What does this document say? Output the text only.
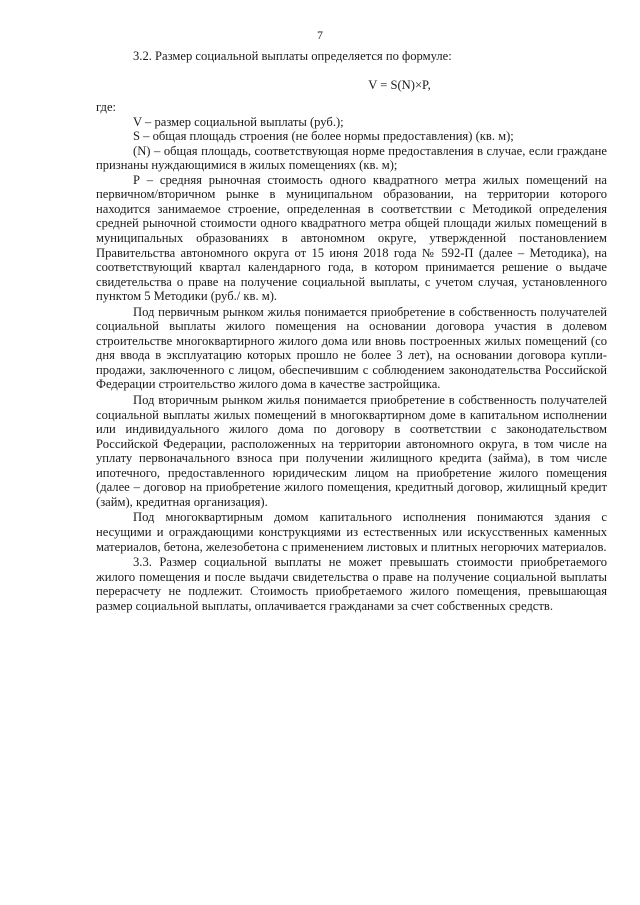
7

3.2. Размер социальной выплаты определяется по формуле:

V = S(N)×P,

где:

V – размер социальной выплаты (руб.);

S – общая площадь строения (не более нормы предоставления) (кв. м);

(N) – общая площадь, соответствующая норме предоставления в случае, если граждане признаны нуждающимися в жилых помещениях (кв. м);

Р – средняя рыночная стоимость одного квадратного метра жилых помещений на первичном/вторичном рынке в муниципальном образовании, на территории которого находится занимаемое строение, определенная в соответствии с Методикой определения средней рыночной стоимости одного квадратного метра общей площади жилых помещений в муниципальных образованиях в автономном округе, утвержденной постановлением Правительства автономного округа от 15 июня 2018 года № 592-П (далее – Методика), на соответствующий квартал календарного года, в котором принимается решение о выдаче свидетельства о праве на получение социальной выплаты, с учетом случая, установленного пунктом 5 Методики (руб./ кв. м).

Под первичным рынком жилья понимается приобретение в собственность получателей социальной выплаты жилого помещения на основании договора участия в долевом строительстве многоквартирного жилого дома или вновь построенных жилых помещений (со дня ввода в эксплуатацию которых прошло не более 3 лет), на основании договора купли-продажи, заключенного с лицом, обеспечившим с соблюдением законодательства Российской Федерации строительство жилого дома в качестве застройщика.

Под вторичным рынком жилья понимается приобретение в собственность получателей социальной выплаты жилых помещений в многоквартирном доме в капитальном исполнении или индивидуального жилого дома по договору в соответствии с законодательством Российской Федерации, расположенных на территории автономного округа, в том числе на уплату первоначального взноса при получении жилищного кредита (займа), в том числе ипотечного, предоставленного юридическим лицом на приобретение жилого помещения (далее – договор на приобретение жилого помещения, кредитный договор, жилищный кредит (займ), кредитная организация).

Под многоквартирным домом капитального исполнения понимаются здания с несущими и ограждающими конструкциями из естественных или искусственных каменных материалов, бетона, железобетона с применением листовых и плитных негорючих материалов.

3.3. Размер социальной выплаты не может превышать стоимости приобретаемого жилого помещения и после выдачи свидетельства о праве на получение социальной выплаты перерасчету не подлежит. Стоимость приобретаемого жилого помещения, превышающая размер социальной выплаты, оплачивается гражданами за счет собственных средств.
